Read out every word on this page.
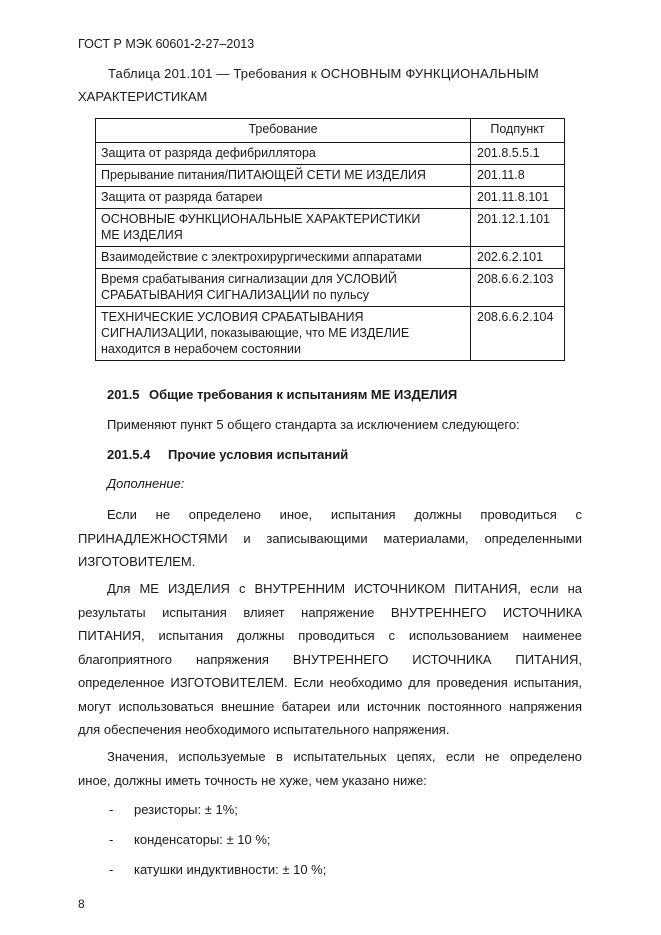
ГОСТ Р МЭК 60601-2-27–2013
Таблица 201.101 — Требования к ОСНОВНЫМ ФУНКЦИОНАЛЬНЫМ
ХАРАКТЕРИСТИКАМ
Требование	Подпункт
Защита от разряда дефибриллятора	201.8.5.5.1
Прерывание питания/ПИТАЮЩЕЙ СЕТИ МЕ ИЗДЕЛИЯ	201.11.8
Защита от разряда батареи	201.11.8.101

ОСНОВНЫЕ ФУНКЦИОНАЛЬНЫЕ ХАРАКТЕРИСТИКИ
МЕ ИЗДЕЛИЯ	201.12.1.101
Взаимодействие с электрохирургическими аппаратами	202.6.2.101

Время срабатывания сигнализации для УСЛОВИЙ
СРАБАТЫВАНИЯ СИГНАЛИЗАЦИИ по пульсу	208.6.6.2.103

ТЕХНИЧЕСКИЕ УСЛОВИЯ СРАБАТЫВАНИЯ
СИГНАЛИЗАЦИИ, показывающие, что МЕ ИЗДЕЛИЕ
находится в нерабочем состоянии	208.6.6.2.104
201.5 Общие требования к испытаниям МЕ ИЗДЕЛИЯ
Применяют пункт 5 общего стандарта за исключением следующего:
201.5.4 Прочие условия испытаний
Дополнение:
Если не определено иное, испытания должны проводиться с
ПРИНАДЛЕЖНОСТЯМИ и записывающими материалами, определенными
ИЗГОТОВИТЕЛЕМ.
Для МЕ ИЗДЕЛИЯ с ВНУТРЕННИМ ИСТОЧНИКОМ ПИТАНИЯ, если на
результаты испытания влияет напряжение ВНУТРЕННЕГО ИСТОЧНИКА
ПИТАНИЯ, испытания должны проводиться с использованием наименее
благоприятного напряжения ВНУТРЕННЕГО ИСТОЧНИКА ПИТАНИЯ,
определенное ИЗГОТОВИТЕЛЕМ. Если необходимо для проведения испытания,
могут использоваться внешние батареи или источник постоянного напряжения
для обеспечения необходимого испытательного напряжения.
Значения, используемые в испытательных цепях, если не определено
иное, должны иметь точность не хуже, чем указано ниже:
- резисторы: ± 1%;
- конденсаторы: ± 10 %;
- катушки индуктивности: ± 10 %;
8
